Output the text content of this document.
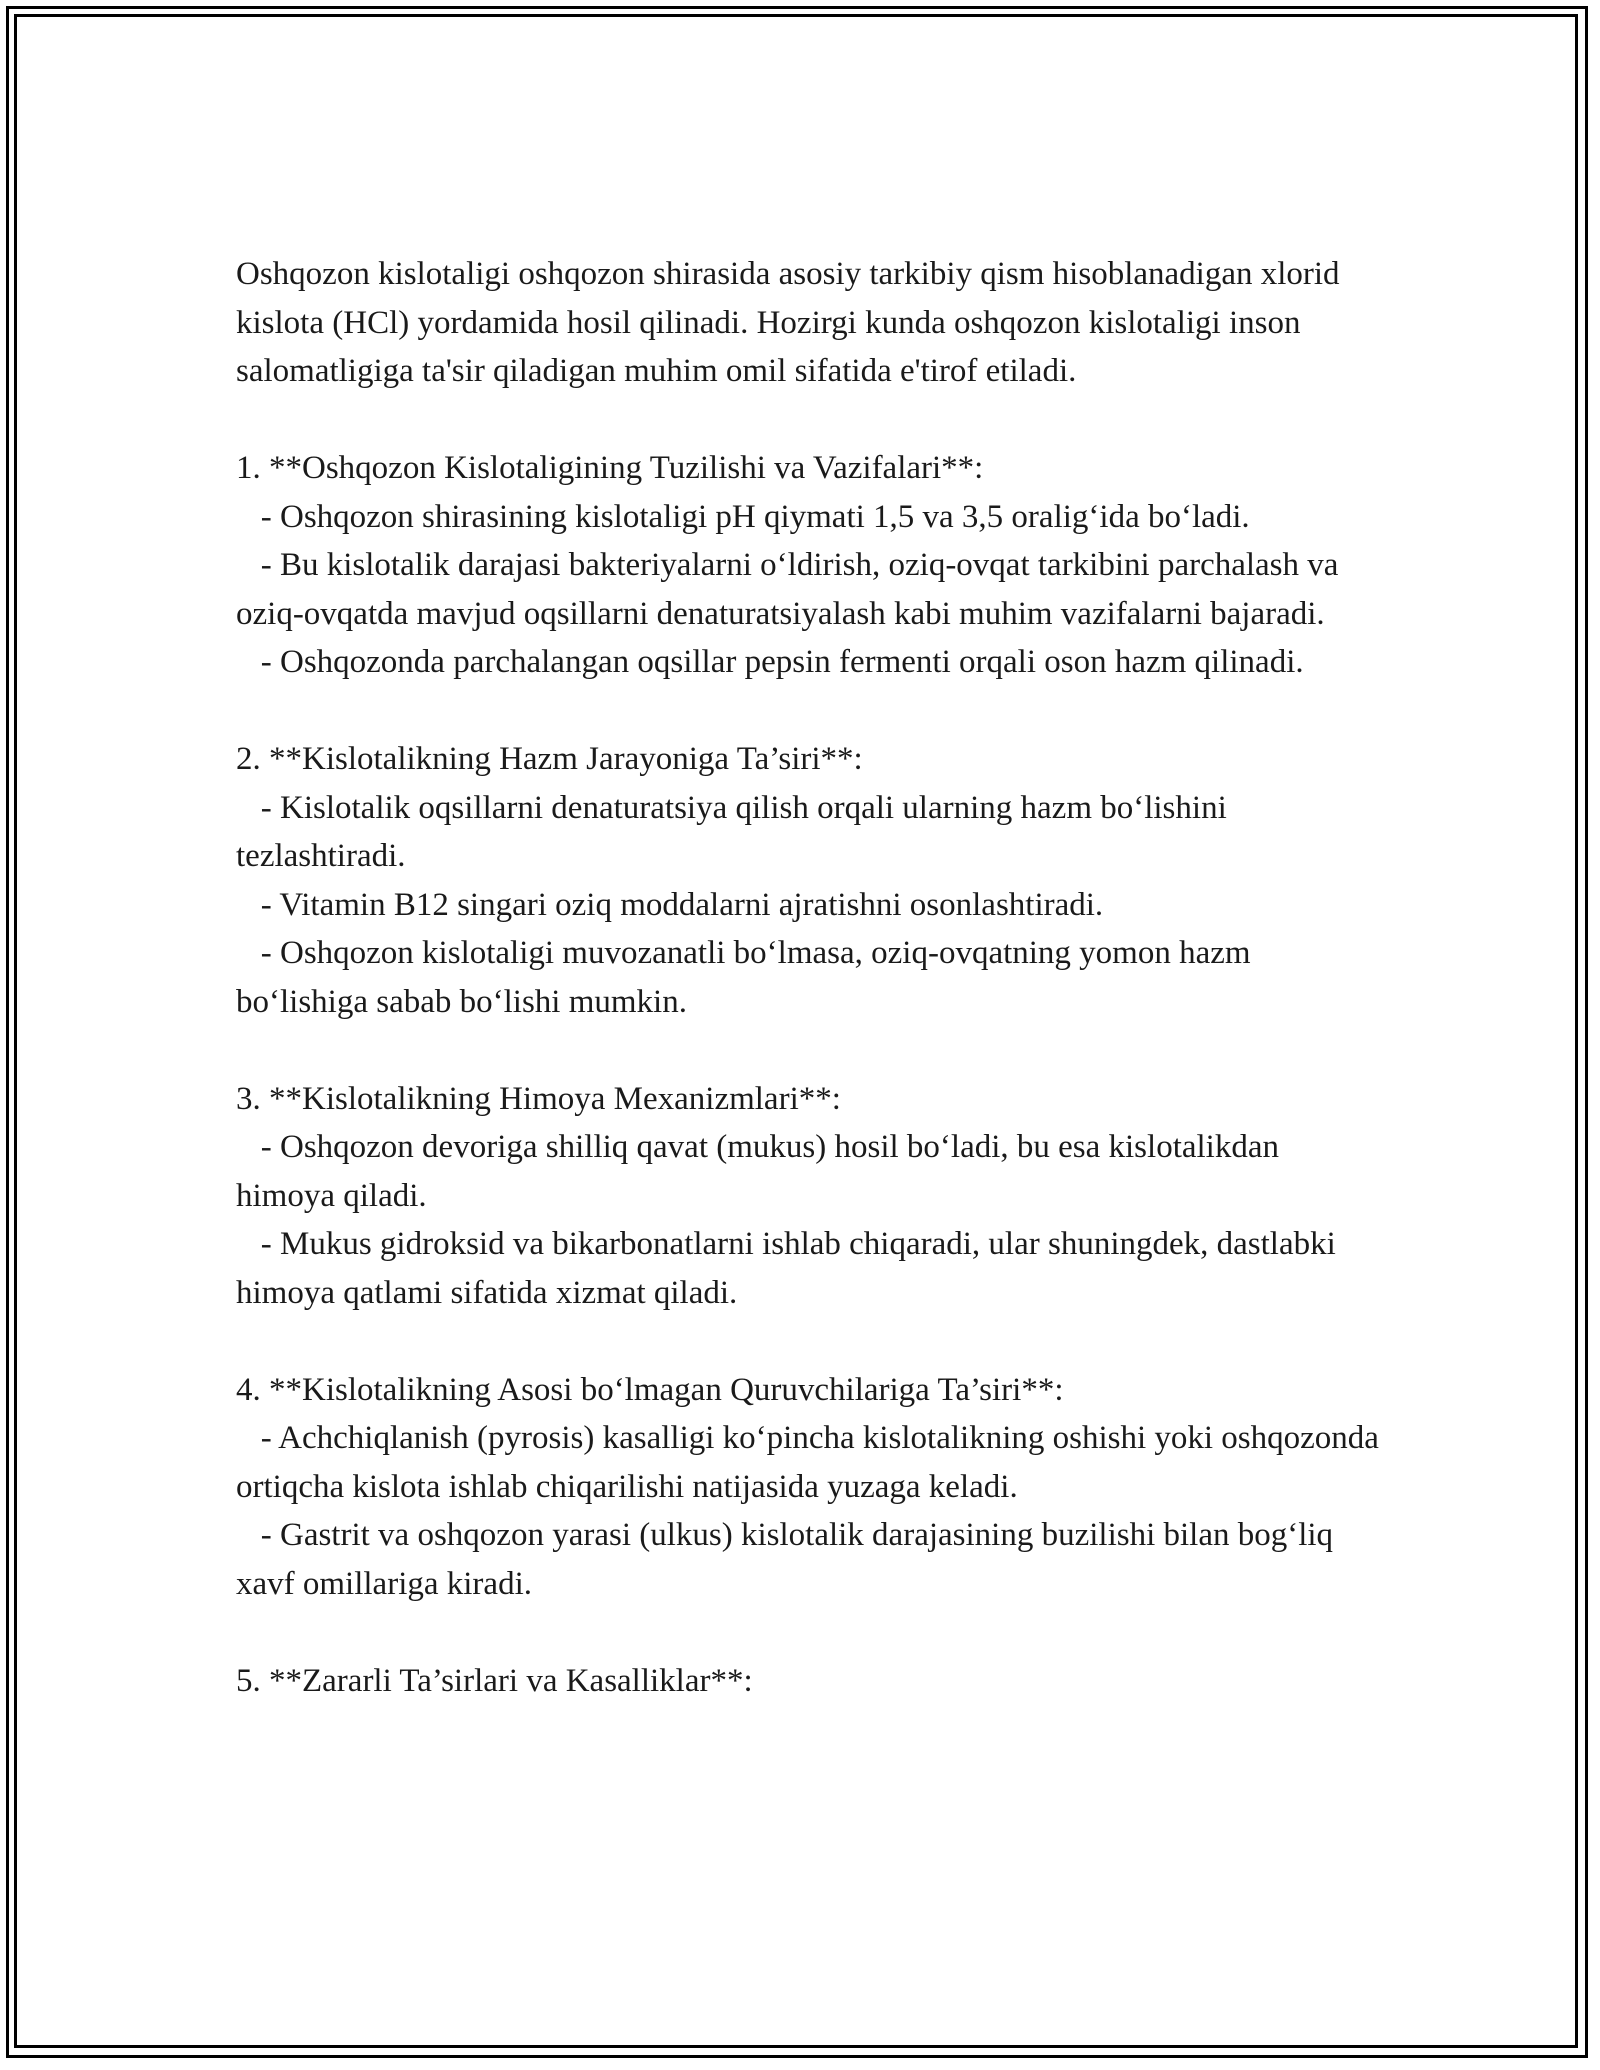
Oshqozon kislotaligi oshqozon shirasida asosiy tarkibiy qism hisoblanadigan xlorid kislota (HCl) yordamida hosil qilinadi. Hozirgi kunda oshqozon kislotaligi inson salomatligiga ta'sir qiladigan muhim omil sifatida e'tirof etiladi.

1. **Oshqozon Kislotaligining Tuzilishi va Vazifalari**:

- Oshqozon shirasining kislotaligi pH qiymati 1,5 va 3,5 oralig‘ida bo‘ladi.

- Bu kislotalik darajasi bakteriyalarni o‘ldirish, oziq-ovqat tarkibini parchalash va oziq-ovqatda mavjud oqsillarni denaturatsiyalash kabi muhim vazifalarni bajaradi.

- Oshqozonda parchalangan oqsillar pepsin fermenti orqali oson hazm qilinadi.

2. **Kislotalikning Hazm Jarayoniga Ta’siri**:

- Kislotalik oqsillarni denaturatsiya qilish orqali ularning hazm bo‘lishini tezlashtiradi.

- Vitamin B12 singari oziq moddalarni ajratishni osonlashtiradi.

- Oshqozon kislotaligi muvozanatli bo‘lmasa, oziq-ovqatning yomon hazm bo‘lishiga sabab bo‘lishi mumkin.

3. **Kislotalikning Himoya Mexanizmlari**:

- Oshqozon devoriga shilliq qavat (mukus) hosil bo‘ladi, bu esa kislotalikdan himoya qiladi.

- Mukus gidroksid va bikarbonatlarni ishlab chiqaradi, ular shuningdek, dastlabki himoya qatlami sifatida xizmat qiladi.

4. **Kislotalikning Asosi bo‘lmagan Quruvchilariga Ta’siri**:

- Achchiqlanish (pyrosis) kasalligi ko‘pincha kislotalikning oshishi yoki oshqozonda ortiqcha kislota ishlab chiqarilishi natijasida yuzaga keladi.

- Gastrit va oshqozon yarasi (ulkus) kislotalik darajasining buzilishi bilan bog‘liq xavf omillariga kiradi.

5. **Zararli Ta’sirlari va Kasalliklar**:
